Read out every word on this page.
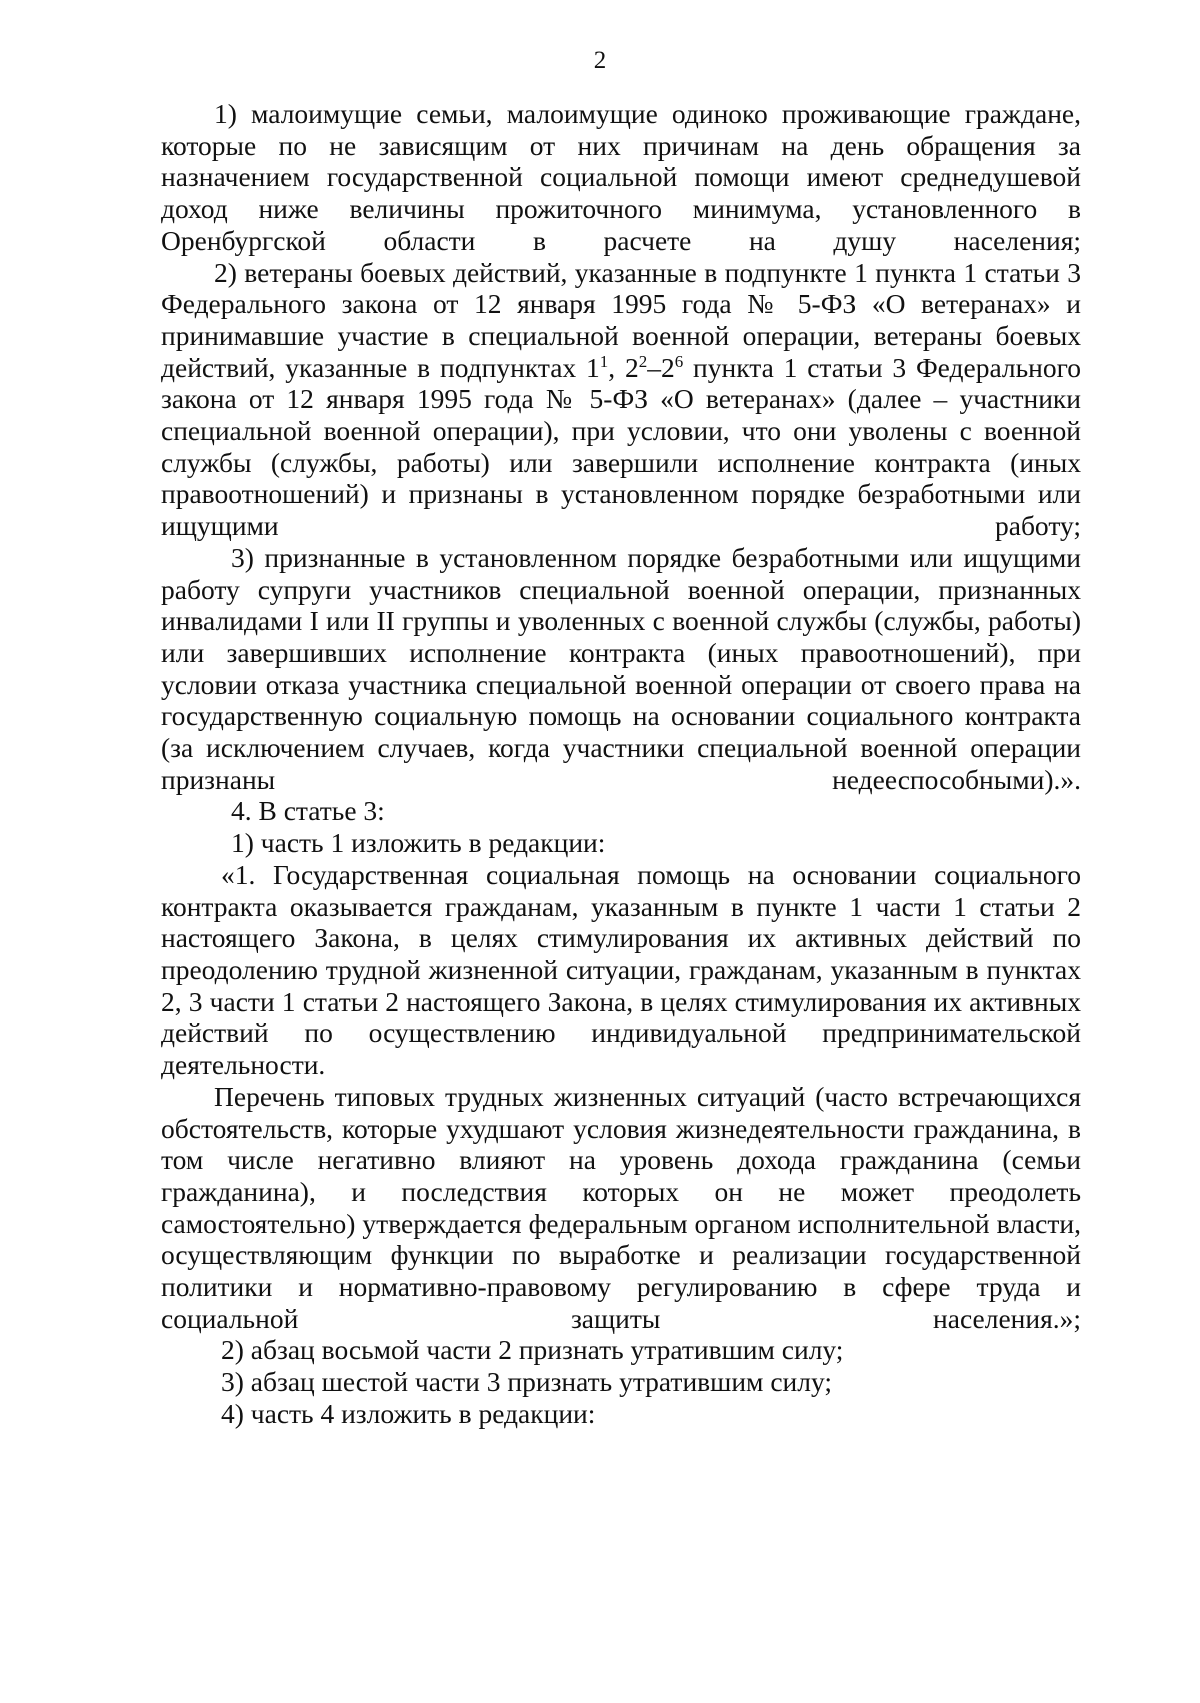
2

1) малоимущие семьи, малоимущие одиноко проживающие граждане, которые по не зависящим от них причинам на день обращения за назначением государственной социальной помощи имеют среднедушевой доход ниже величины прожиточного минимума, установленного в Оренбургской области в расчете на душу населения;

2) ветераны боевых действий, указанные в подпункте 1 пункта 1 статьи 3 Федерального закона от 12 января 1995 года № 5-ФЗ «О ветеранах» и принимавшие участие в специальной военной операции, ветераны боевых действий, указанные в подпунктах $1^1$, $2^2-2^6$ пункта 1 статьи 3 Федерального закона от 12 января 1995 года № 5-ФЗ «О ветеранах» (далее – участники специальной военной операции), при условии, что они уволены с военной службы (службы, работы) или завершили исполнение контракта (иных правоотношений) и признаны в установленном порядке безработными или ищущими работу;

3) признанные в установленном порядке безработными или ищущими работу супруги участников специальной военной операции, признанных инвалидами I или II группы и уволенных с военной службы (службы, работы) или завершивших исполнение контракта (иных правоотношений), при условии отказа участника специальной военной операции от своего права на государственную социальную помощь на основании социального контракта (за исключением случаев, когда участники специальной военной операции признаны недееспособными).».

4. В статье 3:

1) часть 1 изложить в редакции:

«1. Государственная социальная помощь на основании социального контракта оказывается гражданам, указанным в пункте 1 части 1 статьи 2 настоящего Закона, в целях стимулирования их активных действий по преодолению трудной жизненной ситуации, гражданам, указанным в пунктах 2, 3 части 1 статьи 2 настоящего Закона, в целях стимулирования их активных действий по осуществлению индивидуальной предпринимательской деятельности.

Перечень типовых трудных жизненных ситуаций (часто встречающихся обстоятельств, которые ухудшают условия жизнедеятельности гражданина, в том числе негативно влияют на уровень дохода гражданина (семьи гражданина), и последствия которых он не может преодолеть самостоятельно) утверждается федеральным органом исполнительной власти, осуществляющим функции по выработке и реализации государственной политики и нормативно-правовому регулированию в сфере труда и социальной защиты населения.»;

2) абзац восьмой части 2 признать утратившим силу;

3) абзац шестой части 3 признать утратившим силу;

4) часть 4 изложить в редакции:
